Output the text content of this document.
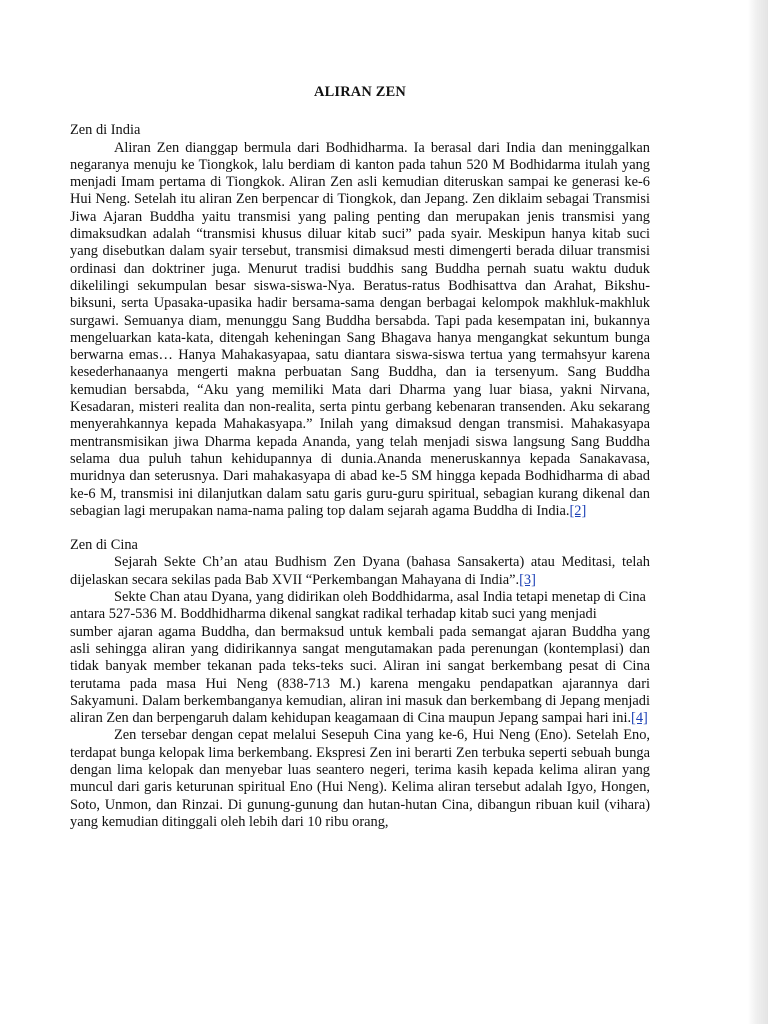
ALIRAN ZEN
Zen di India

Aliran Zen dianggap bermula dari Bodhidharma. Ia berasal dari India dan meninggalkan negaranya menuju ke Tiongkok, lalu berdiam di kanton pada tahun 520 M Bodhidarma itulah yang menjadi Imam pertama di Tiongkok. Aliran Zen asli kemudian diteruskan sampai ke generasi ke-6 Hui Neng. Setelah itu aliran Zen berpencar di Tiongkok, dan Jepang. Zen diklaim sebagai Transmisi Jiwa Ajaran Buddha yaitu transmisi yang paling penting dan merupakan jenis transmisi yang dimaksudkan adalah “transmisi khusus diluar kitab suci” pada syair. Meskipun hanya kitab suci yang disebutkan dalam syair tersebut, transmisi dimaksud mesti dimengerti berada diluar transmisi ordinasi dan doktriner juga. Menurut tradisi buddhis sang Buddha pernah suatu waktu duduk dikelilingi sekumpulan besar siswa-siswa-Nya. Beratus-ratus Bodhisattva dan Arahat, Bikshu-biksuni, serta Upasaka-upasika hadir bersama-sama dengan berbagai kelompok makhluk-makhluk surgawi. Semuanya diam, menunggu Sang Buddha bersabda. Tapi pada kesempatan ini, bukannya mengeluarkan kata-kata, ditengah keheningan Sang Bhagava hanya mengangkat sekuntum bunga berwarna emas… Hanya Mahakasyapaa, satu diantara siswa-siswa tertua yang termahsyur karena kesederhanaanya mengerti makna perbuatan Sang Buddha, dan ia tersenyum. Sang Buddha kemudian bersabda, “Aku yang memiliki Mata dari Dharma yang luar biasa, yakni Nirvana, Kesadaran, misteri realita dan non-realita, serta pintu gerbang kebenaran transenden. Aku sekarang menyerahkannya kepada Mahakasyapa.” Inilah yang dimaksud dengan transmisi. Mahakasyapa mentransmisikan jiwa Dharma kepada Ananda, yang telah menjadi siswa langsung Sang Buddha selama dua puluh tahun kehidupannya di dunia.Ananda meneruskannya kepada Sanakavasa, muridnya dan seterusnya. Dari mahakasyapa di abad ke-5 SM hingga kepada Bodhidharma di abad ke-6 M, transmisi ini dilanjutkan dalam satu garis guru-guru spiritual, sebagian kurang dikenal dan sebagian lagi merupakan nama-nama paling top dalam sejarah agama Buddha di India.[2]

Zen di Cina

Sejarah Sekte Ch’an atau Budhism Zen Dyana (bahasa Sansakerta) atau Meditasi, telah dijelaskan secara sekilas pada Bab XVII “Perkembangan Mahayana di India”.[3]

Sekte Chan atau Dyana, yang didirikan oleh Boddhidarma, asal India tetapi menetap di Cina antara 527-536 M. Boddhidharma dikenal sangkat radikal terhadap kitab suci yang menjadi

sumber ajaran agama Buddha, dan bermaksud untuk kembali pada semangat ajaran Buddha yang asli sehingga aliran yang didirikannya sangat mengutamakan pada perenungan (kontemplasi) dan tidak banyak member tekanan pada teks-teks suci. Aliran ini sangat berkembang pesat di Cina terutama pada masa Hui Neng (838-713 M.) karena mengaku pendapatkan ajarannya dari Sakyamuni. Dalam berkembanganya kemudian, aliran ini masuk dan berkembang di Jepang menjadi aliran Zen dan berpengaruh dalam kehidupan keagamaan di Cina maupun Jepang sampai hari ini.[4]

Zen tersebar dengan cepat melalui Sesepuh Cina yang ke-6, Hui Neng (Eno). Setelah Eno, terdapat bunga kelopak lima berkembang. Ekspresi Zen ini berarti Zen terbuka seperti sebuah bunga dengan lima kelopak dan menyebar luas seantero negeri, terima kasih kepada kelima aliran yang muncul dari garis keturunan spiritual Eno (Hui Neng). Kelima aliran tersebut adalah Igyo, Hongen, Soto, Unmon, dan Rinzai. Di gunung-gunung dan hutan-hutan Cina, dibangun ribuan kuil (vihara) yang kemudian ditinggali oleh lebih dari 10 ribu orang,
